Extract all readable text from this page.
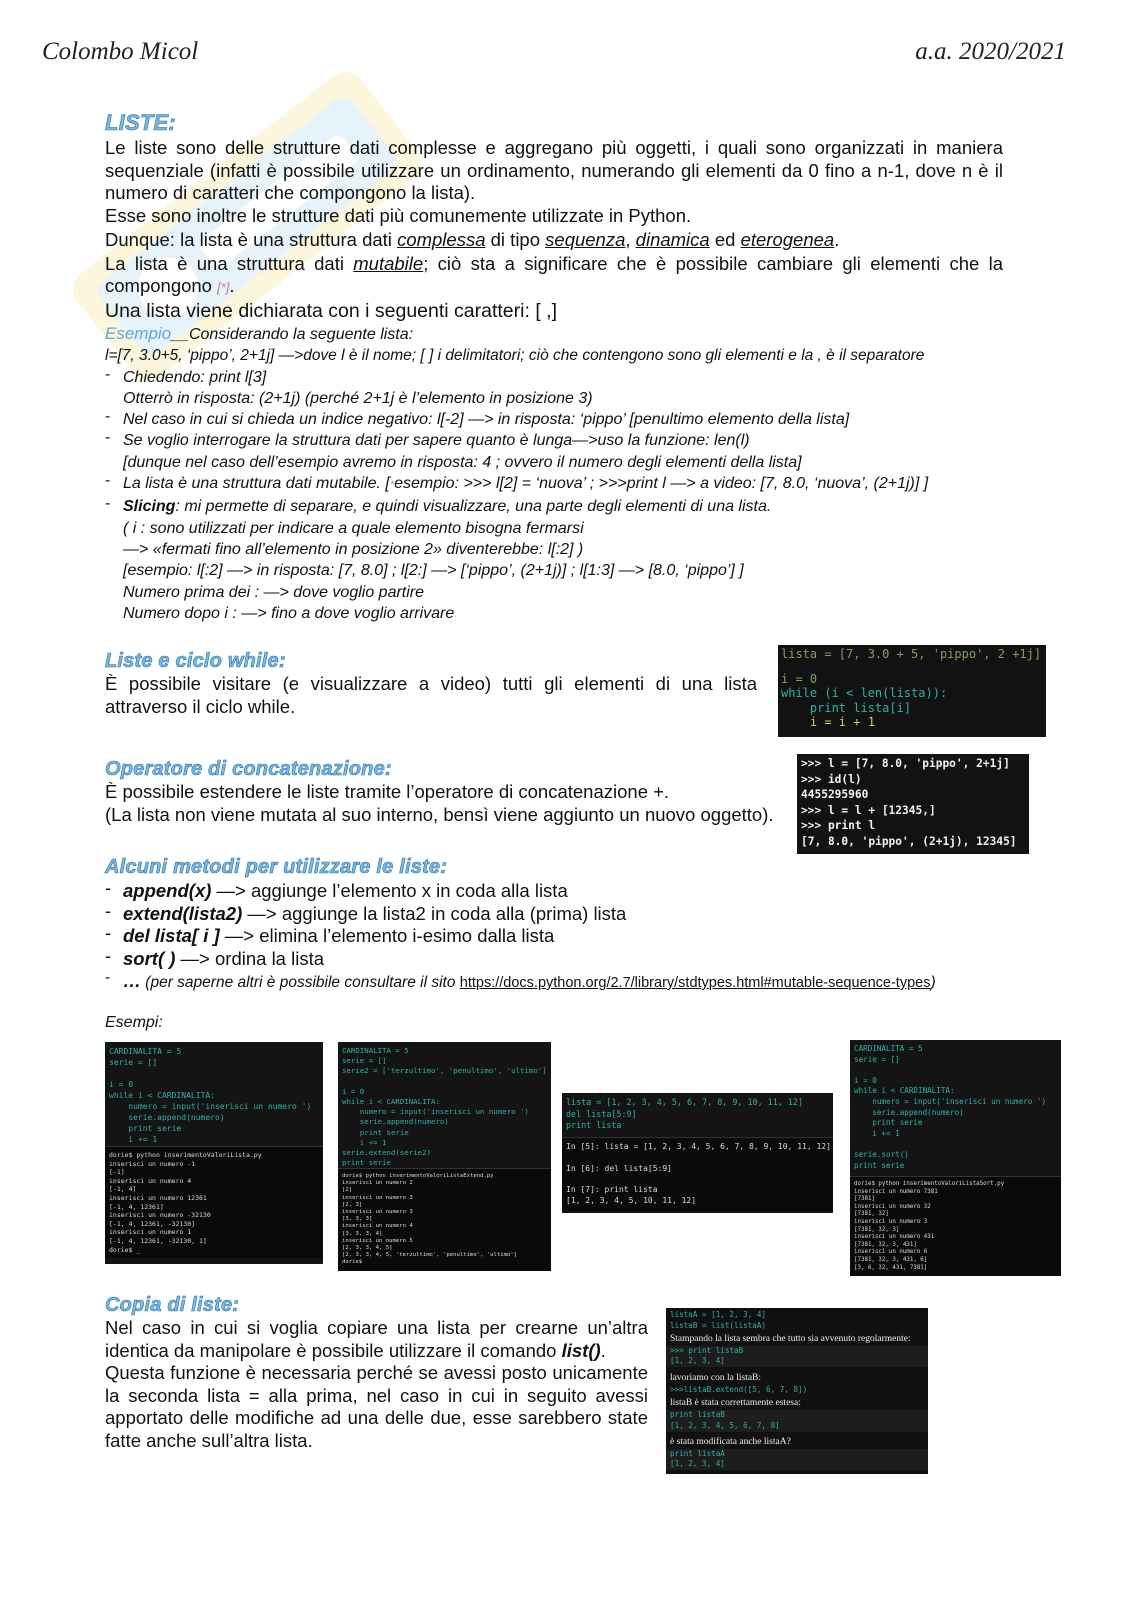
Colombo Micol	a.a. 2020/2021
LISTE:
Le liste sono delle strutture dati complesse e aggregano più oggetti, i quali sono organizzati in maniera sequenziale (infatti è possibile utilizzare un ordinamento, numerando gli elementi da 0 fino a n-1, dove n è il numero di caratteri che compongono la lista).
Esse sono inoltre le strutture dati più comunemente utilizzate in Python.
Dunque: la lista è una struttura dati complessa di tipo sequenza, dinamica ed eterogenea.
La lista è una struttura dati mutabile; ciò sta a significare che è possibile cambiare gli elementi che la compongono [*].
Una lista viene dichiarata con i seguenti caratteri: [ ,]
Esempio__Considerando la seguente lista:
l=[7, 3.0+5, ‘pippo’, 2+1j] —>dove l è il nome; [ ] i delimitatori; ciò che contengono sono gli elementi e la , è il separatore
- Chiedendo: print l[3]
Otterrò in risposta: (2+1j) (perché 2+1j è l’elemento in posizione 3)
- Nel caso in cui si chieda un indice negativo: l[-2] —> in risposta: ‘pippo’ [penultimo elemento della lista]
- Se voglio interrogare la struttura dati per sapere quanto è lunga—>uso la funzione: len(l)
[dunque nel caso dell’esempio avremo in risposta: 4 ; ovvero il numero degli elementi della lista]
- La lista è una struttura dati mutabile. [*esempio: >>> l[2] = ‘nuova’ ; >>>print l —> a video: [7, 8.0, ‘nuova’, (2+1j)] ]
- Slicing: mi permette di separare, e quindi visualizzare, una parte degli elementi di una lista.
( i : sono utilizzati per indicare a quale elemento bisogna fermarsi
—> «fermati fino all’elemento in posizione 2» diventerebbe: l[:2] )
[esempio: l[:2] —> in risposta: [7, 8.0] ; l[2:] —> [‘pippo’, (2+1j)] ; l[1:3] —> [8.0, ‘pippo’] ]
Numero prima dei : —> dove voglio partire
Numero dopo i : —> fino a dove voglio arrivare
Liste e ciclo while:
È possibile visitare (e visualizzare a video) tutti gli elementi di una lista attraverso il ciclo while.
lista = [7, 3.0 + 5, 'pippo', 2 +1j]
i = 0
while (i < len(lista)):
print lista[i]
i = i + 1
Operatore di concatenazione:
È possibile estendere le liste tramite l’operatore di concatenazione +.
(La lista non viene mutata al suo interno, bensì viene aggiunto un nuovo oggetto).
>>> l = [7, 8.0, 'pippo', 2+1j]
>>> id(l)
4455295960
>>> l = l + [12345,]
>>> print l
[7, 8.0, 'pippo', (2+1j), 12345]
Alcuni metodi per utilizzare le liste:
- append(x) —> aggiunge l’elemento x in coda alla lista
- extend(lista2) —> aggiunge la lista2 in coda alla (prima) lista
- del lista[ i ] —> elimina l’elemento i-esimo dalla lista
- sort( ) —> ordina la lista
- … (per saperne altri è possibile consultare il sito https://docs.python.org/2.7/library/stdtypes.html#mutable-sequence-types)
Esempi:
CARDINALITA = 5
serie = []

i = 0
while i < CARDINALITA:
numero = input('inserisci un numero ')
serie.append(numero)
print serie
i += 1
dorie$ python inserimentoValoriLista.py
inserisci un numero -1
[-1]
inserisci un numero 4
[-1, 4]
inserisci un numero 12361
[-1, 4, 12361]
inserisci un numero -32130
[-1, 4, 12361, -32130]
inserisci un numero 1
[-1, 4, 12361, -32130, 1]
dorie$ _
CARDINALITA = 5
serie = []
serie2 = ['terzultimo', 'penultimo', 'ultimo']

i = 0
while i < CARDINALITA:
numero = input('inserisci un numero ')
serie.append(numero)
print serie
i += 1
serie.extend(serie2)
print serie
dorie$ python inserimentoValoriListaExtend.py
inserisci un numero 2
[2]
inserisci un numero 3
[2, 3]
inserisci un numero 3
[3, 3, 3]
inserisci un numero 4
[3, 3, 3, 4]
inserisci un numero 5
[2, 3, 3, 4, 5]
[2, 3, 3, 4, 5, 'terzultimo', 'penultimo', 'ultimo']
dorie$
lista = [1, 2, 3, 4, 5, 6, 7, 8, 9, 10, 11, 12]
del lista[5:9]
print lista
In [5]: lista = [1, 2, 3, 4, 5, 6, 7, 8, 9, 10, 11, 12]

In [6]: del lista[5:9]

In [7]: print lista
[1, 2, 3, 4, 5, 10, 11, 12]
CARDINALITA = 5
serie = []

i = 0
while i < CARDINALITA:
numero = input('inserisci un numero ')
serie.append(numero)
print serie
i += 1

serie.sort()
print serie
dorie$ python inserimentoValoriListaSort.py
inserisci un numero 7381
[7381]
inserisci un numero 32
[7381, 32]
inserisci un numero 3
[7381, 32, 3]
inserisci un numero 431
[7381, 32, 3, 431]
inserisci un numero 6
[7381, 32, 3, 431, 6]
[3, 6, 32, 431, 7381]
Copia di liste:
Nel caso in cui si voglia copiare una lista per crearne un’altra identica da manipolare è possibile utilizzare il comando list().
Questa funzione è necessaria perché se avessi posto unicamente la seconda lista = alla prima, nel caso in cui in seguito avessi apportato delle modifiche ad una delle due, esse sarebbero state fatte anche sull’altra lista.
listaA = [1, 2, 3, 4]
listaB = list(listaA)
Stampando la lista sembra che tutto sia avvenuto regolarmente:
>>> print listaB
[1, 2, 3, 4]
lavoriamo con la listaB:
>>>listaB.extend([5, 6, 7, 8])
listaB è stata correttamente estesa:
print listaB
[1, 2, 3, 4, 5, 6, 7, 8]
è stata modificata anche listaA?
print listaA
[1, 2, 3, 4]
